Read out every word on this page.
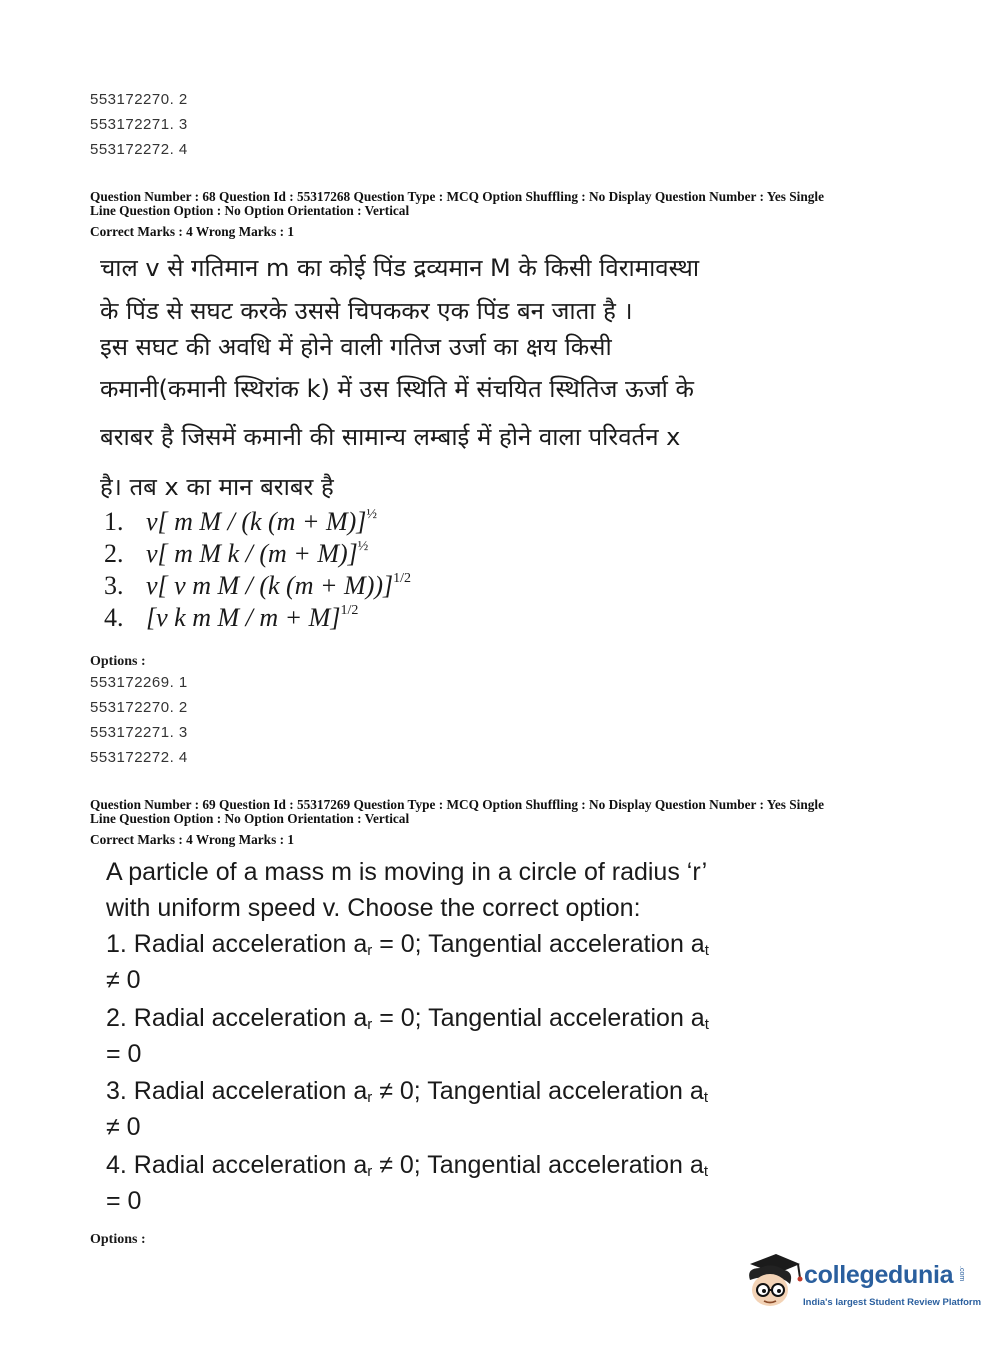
553172270. 2
553172271. 3
553172272. 4
Question Number : 68 Question Id : 55317268 Question Type : MCQ Option Shuffling : No Display Question Number : Yes Single
Line Question Option : No Option Orientation : Vertical
Correct Marks : 4 Wrong Marks : 1
चाल v से गतिमान m का कोई पिंड द्रव्यमान M के किसी विरामावस्था
के पिंड से सघट करके उससे चिपककर एक पिंड बन जाता है ।
इस सघट की अवधि में होने वाली गतिज उर्जा का क्षय किसी
कमानी(कमानी स्थिरांक k) में उस स्थिति में संचयित स्थितिज ऊर्जा के
बराबर है जिसमें कमानी की सामान्य लम्बाई में होने वाला परिवर्तन x
है। तब x का मान बराबर है
1. v[ m M / (k (m + M)]$^{\frac{1}{2}}$
2. v[ m M k / (m + M)]$^{\frac{1}{2}}$
3. v[ v m M / (k (m + M))]$^{1/2}$
4. [v k m M / m + M]$^{1/2}$
Options :
553172269. 1
553172270. 2
553172271. 3
553172272. 4
Question Number : 69 Question Id : 55317269 Question Type : MCQ Option Shuffling : No Display Question Number : Yes Single
Line Question Option : No Option Orientation : Vertical
Correct Marks : 4 Wrong Marks : 1
A particle of a mass m is moving in a circle of radius ‘r’
with uniform speed v. Choose the correct option:
1. Radial acceleration $a_r = 0$; Tangential acceleration $a_t$
≠ 0
2. Radial acceleration $a_r = 0$; Tangential acceleration $a_t$
= 0
3. Radial acceleration $a_r \ne 0$; Tangential acceleration $a_t$
≠ 0
4. Radial acceleration $a_r \ne 0$; Tangential acceleration $a_t$
= 0
Options :
collegedunia .com
India's largest Student Review Platform
